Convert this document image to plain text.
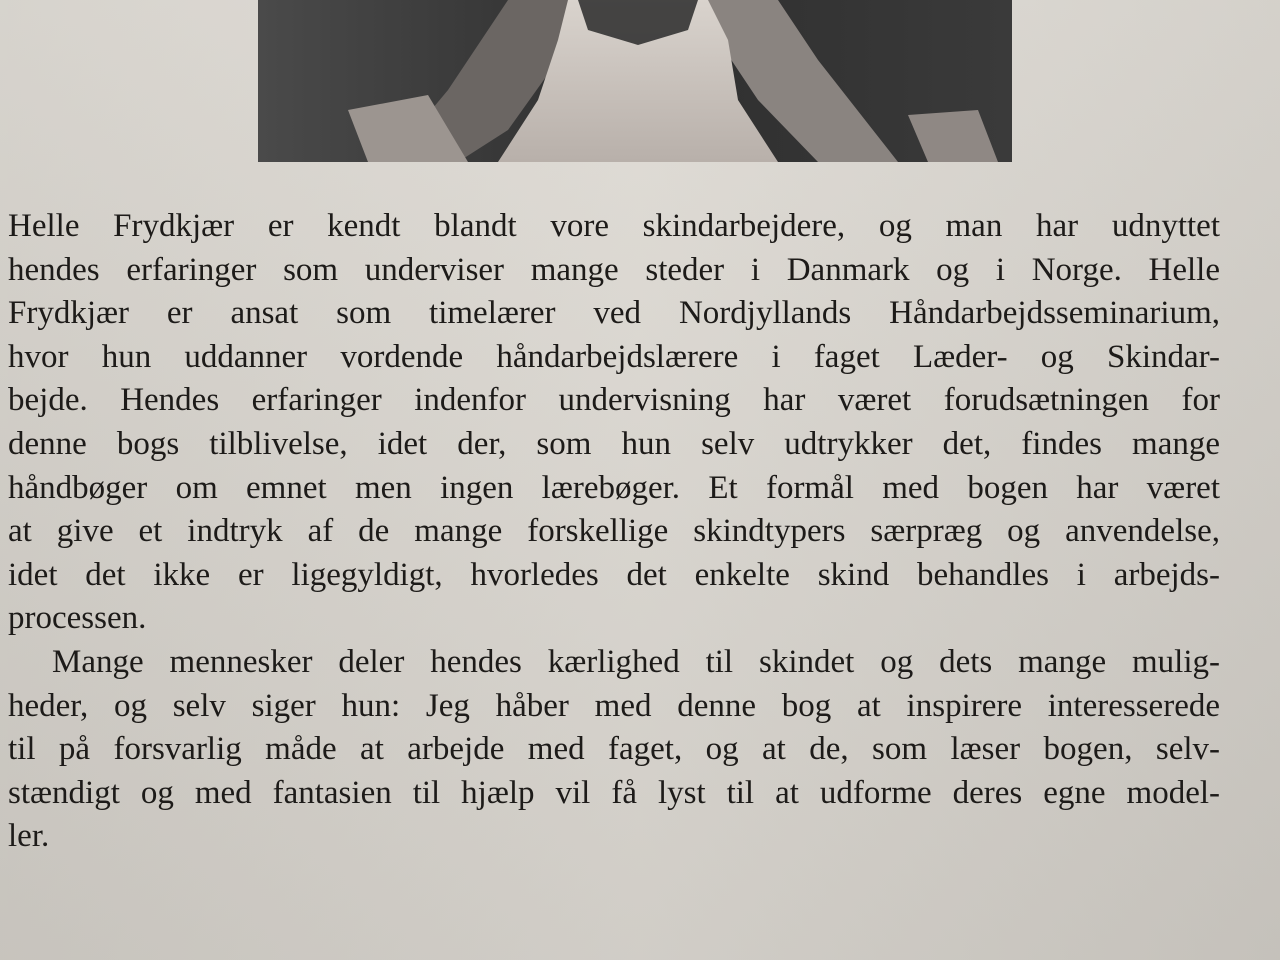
Helle Frydkjær er kendt blandt vore skindarbejdere, og man har udnyttet
hendes erfaringer som underviser mange steder i Danmark og i Norge. Helle
Frydkjær er ansat som timelærer ved Nordjyllands Håndarbejdsseminarium,
hvor hun uddanner vordende håndarbejdslærere i faget Læder- og Skindar-
bejde. Hendes erfaringer indenfor undervisning har været forudsætningen for
denne bogs tilblivelse, idet der, som hun selv udtrykker det, findes mange
håndbøger om emnet men ingen lærebøger. Et formål med bogen har været
at give et indtryk af de mange forskellige skindtypers særpræg og anvendelse,
idet det ikke er ligegyldigt, hvorledes det enkelte skind behandles i arbejds-
processen.

Mange mennesker deler hendes kærlighed til skindet og dets mange mulig-
heder, og selv siger hun: Jeg håber med denne bog at inspirere interesserede
til på forsvarlig måde at arbejde med faget, og at de, som læser bogen, selv-
stændigt og med fantasien til hjælp vil få lyst til at udforme deres egne model-
ler.
